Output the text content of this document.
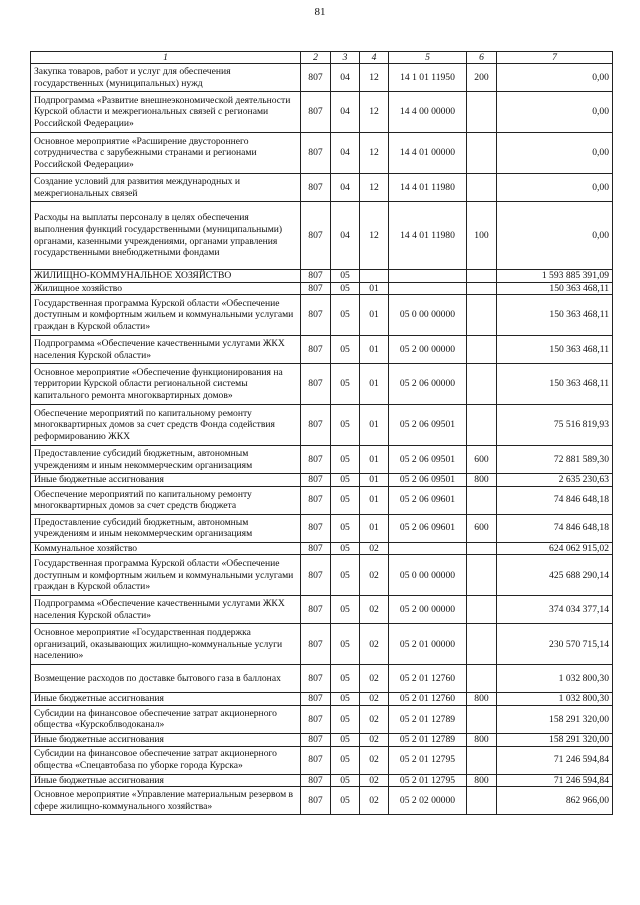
81
1	2	3	4	5	6	7
Закупка товаров, работ и услуг для обеспечения государственных (муниципальных) нужд	807	04	12	14 1 01 11950	200	0,00
Подпрограмма «Развитие внешнеэкономической деятельности Курской области и межрегиональных связей с регионами Российской Федерации»	807	04	12	14 4 00 00000		0,00
Основное мероприятие «Расширение двустороннего сотрудничества с зарубежными странами и регионами Российской Федерации»	807	04	12	14 4 01 00000		0,00
Создание условий для развития международных и межрегиональных связей	807	04	12	14 4 01 11980		0,00
Расходы на выплаты персоналу в целях обеспечения выполнения функций государственными (муниципальными) органами, казенными учреждениями, органами управления государственными внебюджетными фондами	807	04	12	14 4 01 11980	100	0,00
ЖИЛИЩНО-КОММУНАЛЬНОЕ ХОЗЯЙСТВО	807	05				1 593 885 391,09
Жилищное хозяйство	807	05	01			150 363 468,11
Государственная программа Курской области «Обеспечение доступным и комфортным жильем и коммунальными услугами граждан в Курской области»	807	05	01	05 0 00 00000		150 363 468,11
Подпрограмма «Обеспечение качественными услугами ЖКХ населения Курской области»	807	05	01	05 2 00 00000		150 363 468,11
Основное мероприятие «Обеспечение функционирования на территории Курской области региональной системы капитального ремонта многоквартирных домов»	807	05	01	05 2 06 00000		150 363 468,11
Обеспечение мероприятий по капитальному ремонту многоквартирных домов за счет средств Фонда содействия реформированию ЖКХ	807	05	01	05 2 06 09501		75 516 819,93
Предоставление субсидий бюджетным, автономным учреждениям и иным некоммерческим организациям	807	05	01	05 2 06 09501	600	72 881 589,30
Иные бюджетные ассигнования	807	05	01	05 2 06 09501	800	2 635 230,63
Обеспечение мероприятий по капитальному ремонту многоквартирных домов за счет средств бюджета	807	05	01	05 2 06 09601		74 846 648,18
Предоставление субсидий бюджетным, автономным учреждениям и иным некоммерческим организациям	807	05	01	05 2 06 09601	600	74 846 648,18
Коммунальное хозяйство	807	05	02			624 062 915,02
Государственная программа Курской области «Обеспечение доступным и комфортным жильем и коммунальными услугами граждан в Курской области»	807	05	02	05 0 00 00000		425 688 290,14
Подпрограмма «Обеспечение качественными услугами ЖКХ населения Курской области»	807	05	02	05 2 00 00000		374 034 377,14
Основное мероприятие «Государственная поддержка организаций, оказывающих жилищно-коммунальные услуги населению»	807	05	02	05 2 01 00000		230 570 715,14
Возмещение расходов по доставке бытового газа в баллонах	807	05	02	05 2 01 12760		1 032 800,30
Иные бюджетные ассигнования	807	05	02	05 2 01 12760	800	1 032 800,30
Субсидии на финансовое обеспечение затрат акционерного общества «Курскоблводоканал»	807	05	02	05 2 01 12789		158 291 320,00
Иные бюджетные ассигнования	807	05	02	05 2 01 12789	800	158 291 320,00
Субсидии на финансовое обеспечение затрат акционерного общества «Спецавтобаза по уборке города Курска»	807	05	02	05 2 01 12795		71 246 594,84
Иные бюджетные ассигнования	807	05	02	05 2 01 12795	800	71 246 594,84
Основное мероприятие «Управление материальным резервом в сфере жилищно-коммунального хозяйства»	807	05	02	05 2 02 00000		862 966,00
